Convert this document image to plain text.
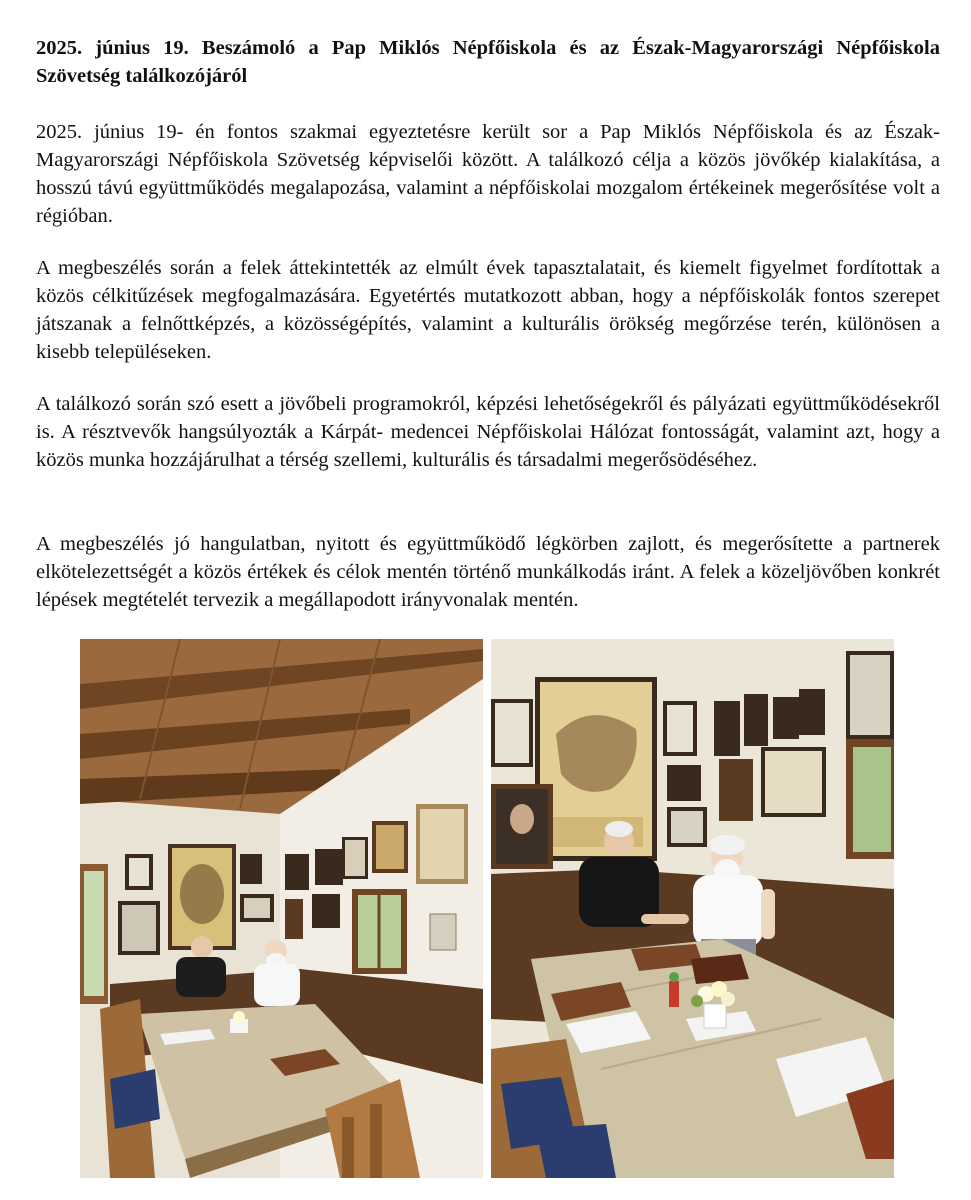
2025. június 19. Beszámoló a Pap Miklós Népfőiskola és az Észak-Magyarországi Népfőiskola Szövetség találkozójáról

2025. június 19- én fontos szakmai egyeztetésre került sor a Pap Miklós Népfőiskola és az Észak-Magyarországi Népfőiskola Szövetség képviselői között. A találkozó célja a közös jövőkép kialakítása, a hosszú távú együttműködés megalapozása, valamint a népfőiskolai mozgalom értékeinek megerősítése volt a régióban.

A megbeszélés során a felek áttekintették az elmúlt évek tapasztalatait, és kiemelt figyelmet fordítottak a közös célkitűzések megfogalmazására. Egyetértés mutatkozott abban, hogy a népfőiskolák fontos szerepet játszanak a felnőttképzés, a közösségépítés, valamint a kulturális örökség megőrzése terén, különösen a kisebb településeken.

A találkozó során szó esett a jövőbeli programokról, képzési lehetőségekről és pályázati együttműködésekről is. A résztvevők hangsúlyozták a Kárpát- medencei Népfőiskolai Hálózat fontosságát, valamint azt, hogy a közös munka hozzájárulhat a térség szellemi, kulturális és társadalmi megerősödéséhez.

A megbeszélés jó hangulatban, nyitott és együttműködő légkörben zajlott, és megerősítette a partnerek elkötelezettségét a közös értékek és célok mentén történő munkálkodás iránt. A felek a közeljövőben konkrét lépések megtételét tervezik a megállapodott irányvonalak mentén.
